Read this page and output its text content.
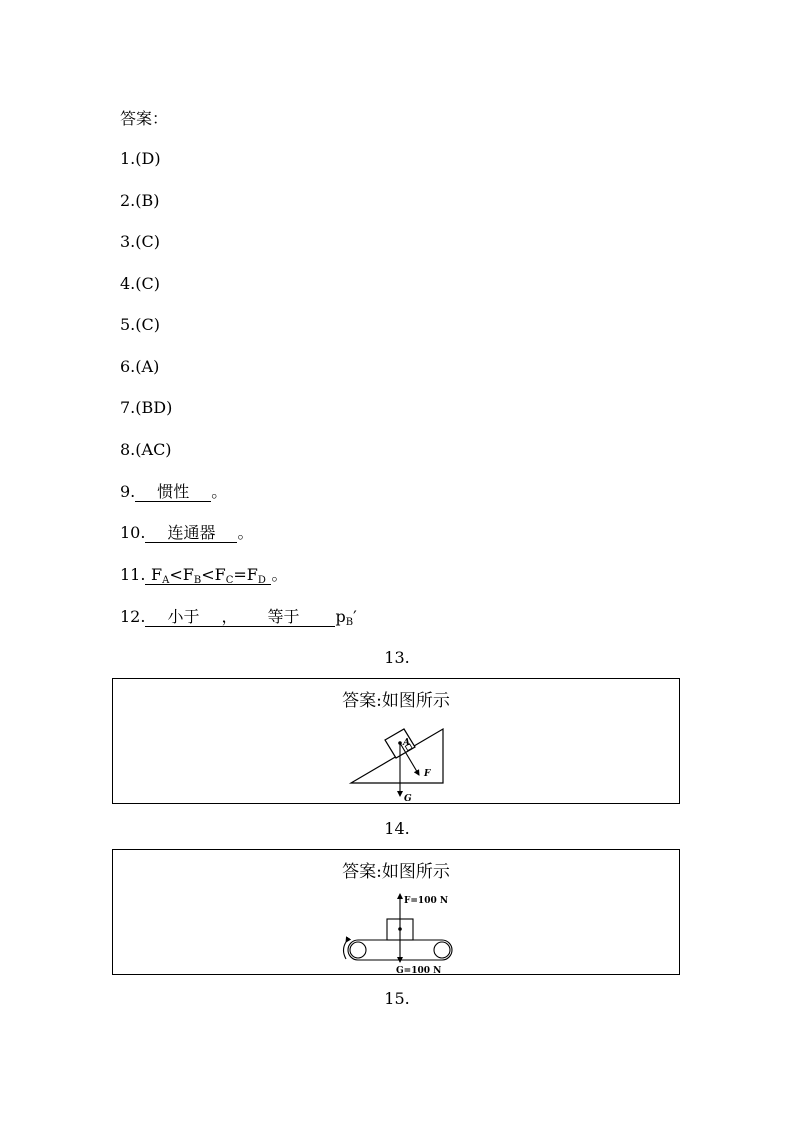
答案：
1.(D)
2.(B)
3.(C)
4.(C)
5.(C)
6.(A)
7.(BD)
8.(AC)
9. 惯性 。
10. 连通器 。
11. $F_A<F_B<F_C=F_D$ 。
12. 小于 ， 等于 $p_B'$
13.
答案:如图所示
A
F
G
14.
答案:如图所示
F=100 N
G=100 N
15.
